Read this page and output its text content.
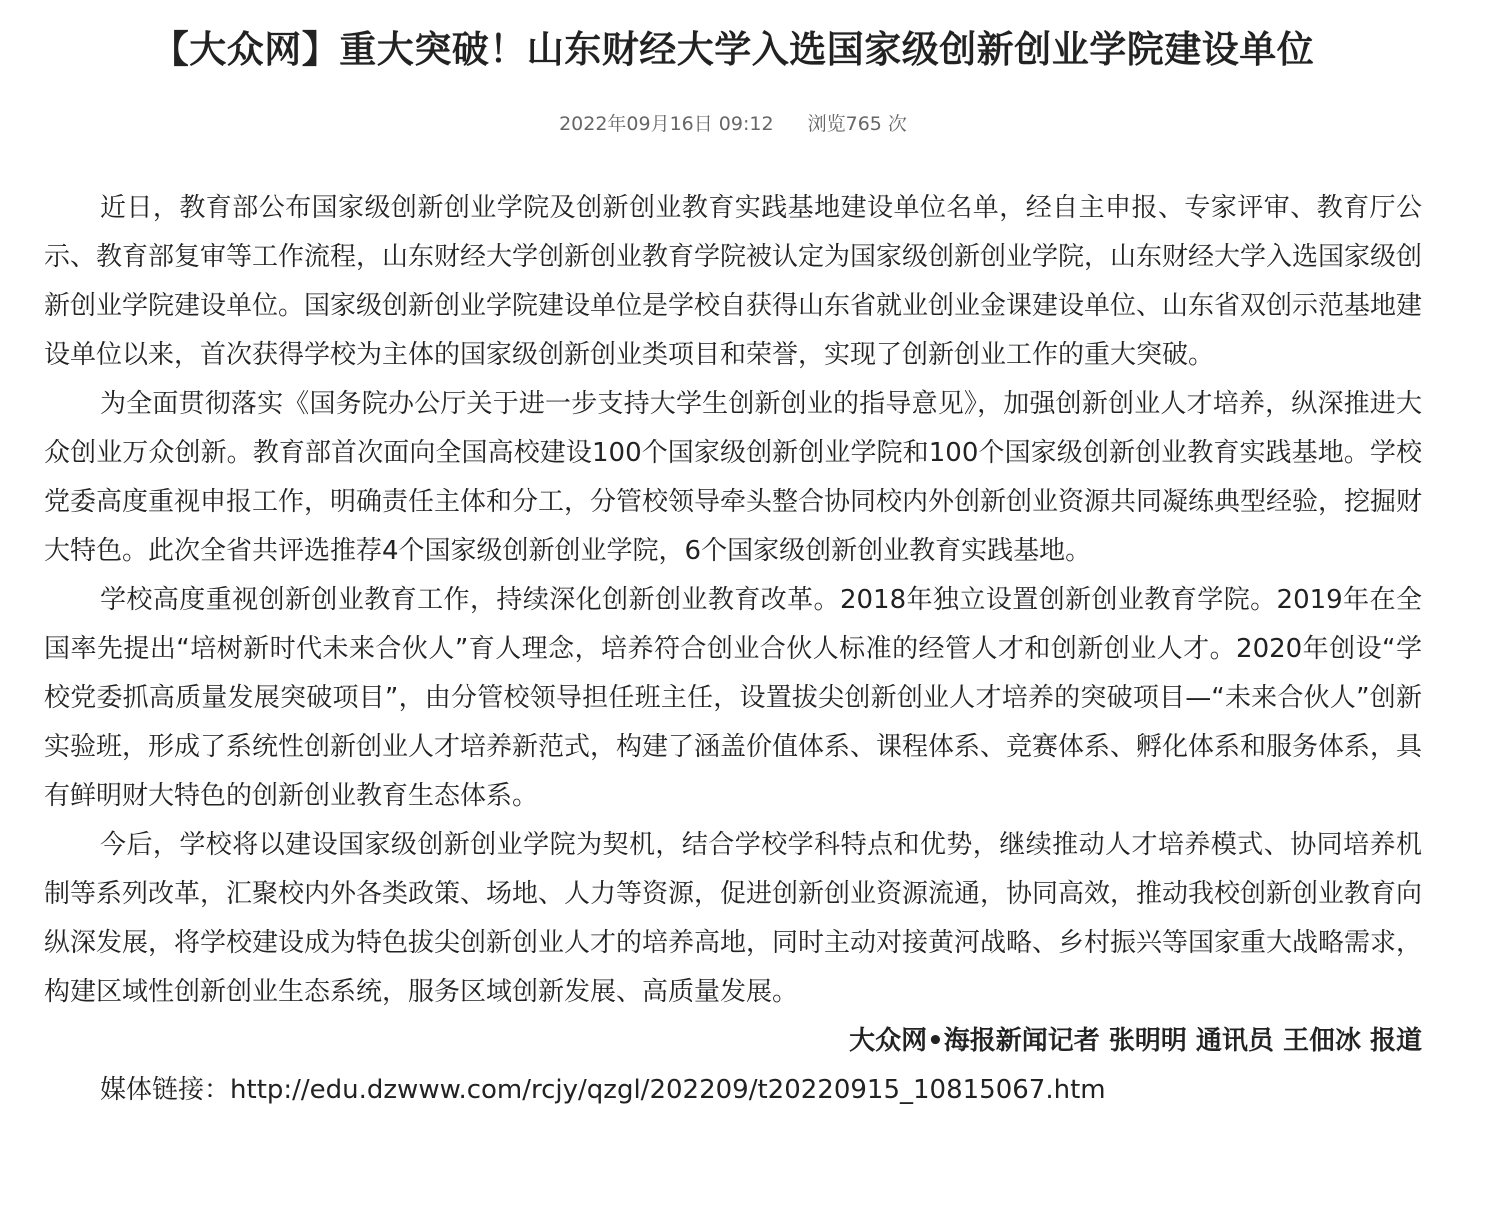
【大众网】重大突破！山东财经大学入选国家级创新创业学院建设单位
2022年09月16日 09:12 浏览765 次

近日，教育部公布国家级创新创业学院及创新创业教育实践基地建设单位名单，经自主申报、专家评审、教育厅公示、教育部复审等工作流程，山东财经大学创新创业教育学院被认定为国家级创新创业学院，山东财经大学入选国家级创新创业学院建设单位。国家级创新创业学院建设单位是学校自获得山东省就业创业金课建设单位、山东省双创示范基地建设单位以来，首次获得学校为主体的国家级创新创业类项目和荣誉，实现了创新创业工作的重大突破。

为全面贯彻落实《国务院办公厅关于进一步支持大学生创新创业的指导意见》，加强创新创业人才培养，纵深推进大众创业万众创新。教育部首次面向全国高校建设100个国家级创新创业学院和100个国家级创新创业教育实践基地。学校党委高度重视申报工作，明确责任主体和分工，分管校领导牵头整合协同校内外创新创业资源共同凝练典型经验，挖掘财大特色。此次全省共评选推荐4个国家级创新创业学院，6个国家级创新创业教育实践基地。

学校高度重视创新创业教育工作，持续深化创新创业教育改革。2018年独立设置创新创业教育学院。2019年在全国率先提出“培树新时代未来合伙人”育人理念，培养符合创业合伙人标准的经管人才和创新创业人才。2020年创设“学校党委抓高质量发展突破项目”，由分管校领导担任班主任，设置拔尖创新创业人才培养的突破项目—“未来合伙人”创新实验班，形成了系统性创新创业人才培养新范式，构建了涵盖价值体系、课程体系、竞赛体系、孵化体系和服务体系，具有鲜明财大特色的创新创业教育生态体系。

今后，学校将以建设国家级创新创业学院为契机，结合学校学科特点和优势，继续推动人才培养模式、协同培养机制等系列改革，汇聚校内外各类政策、场地、人力等资源，促进创新创业资源流通，协同高效，推动我校创新创业教育向纵深发展，将学校建设成为特色拔尖创新创业人才的培养高地，同时主动对接黄河战略、乡村振兴等国家重大战略需求，构建区域性创新创业生态系统，服务区域创新发展、高质量发展。

大众网•海报新闻记者 张明明 通讯员 王佃冰 报道

媒体链接：http://edu.dzwww.com/rcjy/qzgl/202209/t20220915_10815067.htm
